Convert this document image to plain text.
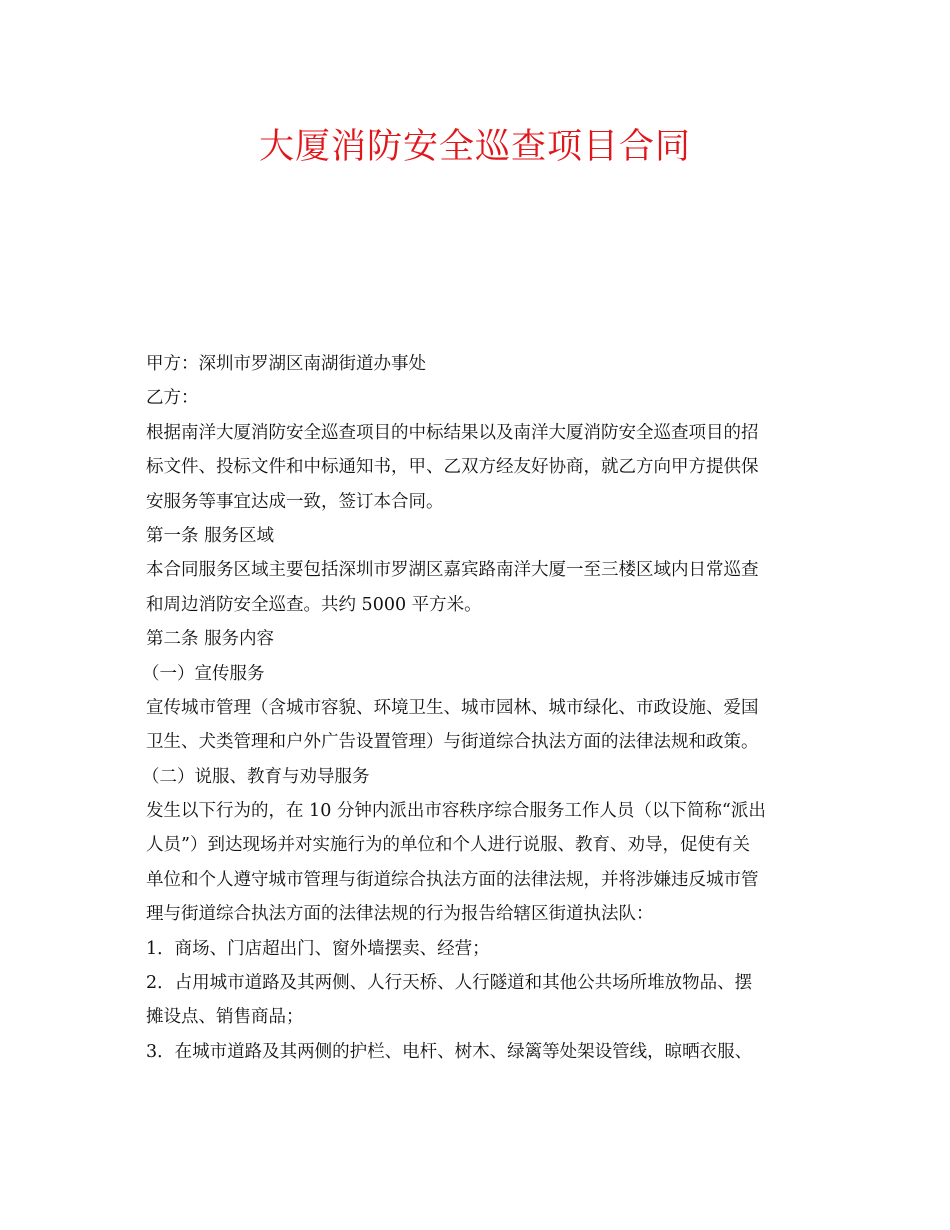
大厦消防安全巡查项目合同
甲方：深圳市罗湖区南湖街道办事处
乙方：
根据南洋大厦消防安全巡查项目的中标结果以及南洋大厦消防安全巡查项目的招
标文件、投标文件和中标通知书，甲、乙双方经友好协商，就乙方向甲方提供保
安服务等事宜达成一致，签订本合同。
第一条 服务区域
本合同服务区域主要包括深圳市罗湖区嘉宾路南洋大厦一至三楼区域内日常巡查
和周边消防安全巡查。共约 5000 平方米。
第二条 服务内容
（一）宣传服务
宣传城市管理（含城市容貌、环境卫生、城市园林、城市绿化、市政设施、爱国
卫生、犬类管理和户外广告设置管理）与街道综合执法方面的法律法规和政策。
（二）说服、教育与劝导服务
发生以下行为的，在 10 分钟内派出市容秩序综合服务工作人员（以下简称“派出
人员”）到达现场并对实施行为的单位和个人进行说服、教育、劝导，促使有关
单位和个人遵守城市管理与街道综合执法方面的法律法规，并将涉嫌违反城市管
理与街道综合执法方面的法律法规的行为报告给辖区街道执法队：
1．商场、门店超出门、窗外墙摆卖、经营；
2．占用城市道路及其两侧、人行天桥、人行隧道和其他公共场所堆放物品、摆
摊设点、销售商品；
3．在城市道路及其两侧的护栏、电杆、树木、绿篱等处架设管线，晾晒衣服、
